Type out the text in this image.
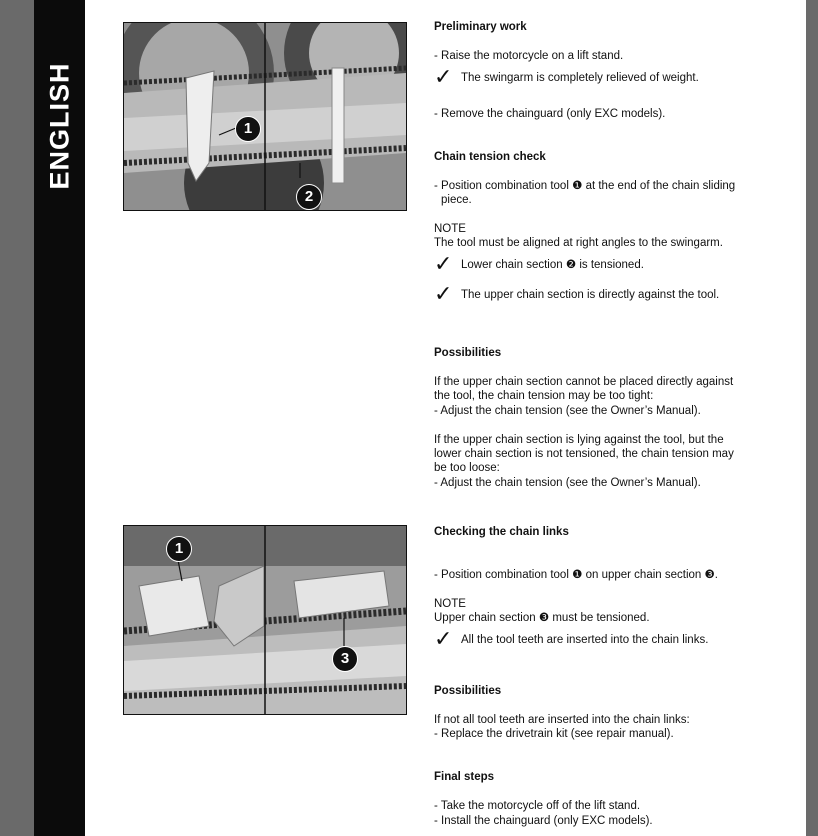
ENGLISH	1
2
1
3
Preliminary work
- Raise the motorcycle on a lift stand.
✓ The swingarm is completely relieved of weight.
- Remove the chainguard (only EXC models).
Chain tension check
- Position combination tool ❶ at the end of the chain sliding
piece.
NOTE
The tool must be aligned at right angles to the swingarm.
✓ Lower chain section ❷ is tensioned.
✓ The upper chain section is directly against the tool.
Possibilities
If the upper chain section cannot be placed directly against
the tool, the chain tension may be too tight:
- Adjust the chain tension (see the Owner’s Manual).
If the upper chain section is lying against the tool, but the
lower chain section is not tensioned, the chain tension may
be too loose:
- Adjust the chain tension (see the Owner’s Manual).
Checking the chain links
- Position combination tool ❶ on upper chain section ❸.
NOTE
Upper chain section ❸ must be tensioned.
✓ All the tool teeth are inserted into the chain links.
Possibilities
If not all tool teeth are inserted into the chain links:
- Replace the drivetrain kit (see repair manual).
Final steps
- Take the motorcycle off of the lift stand.
- Install the chainguard (only EXC models).
